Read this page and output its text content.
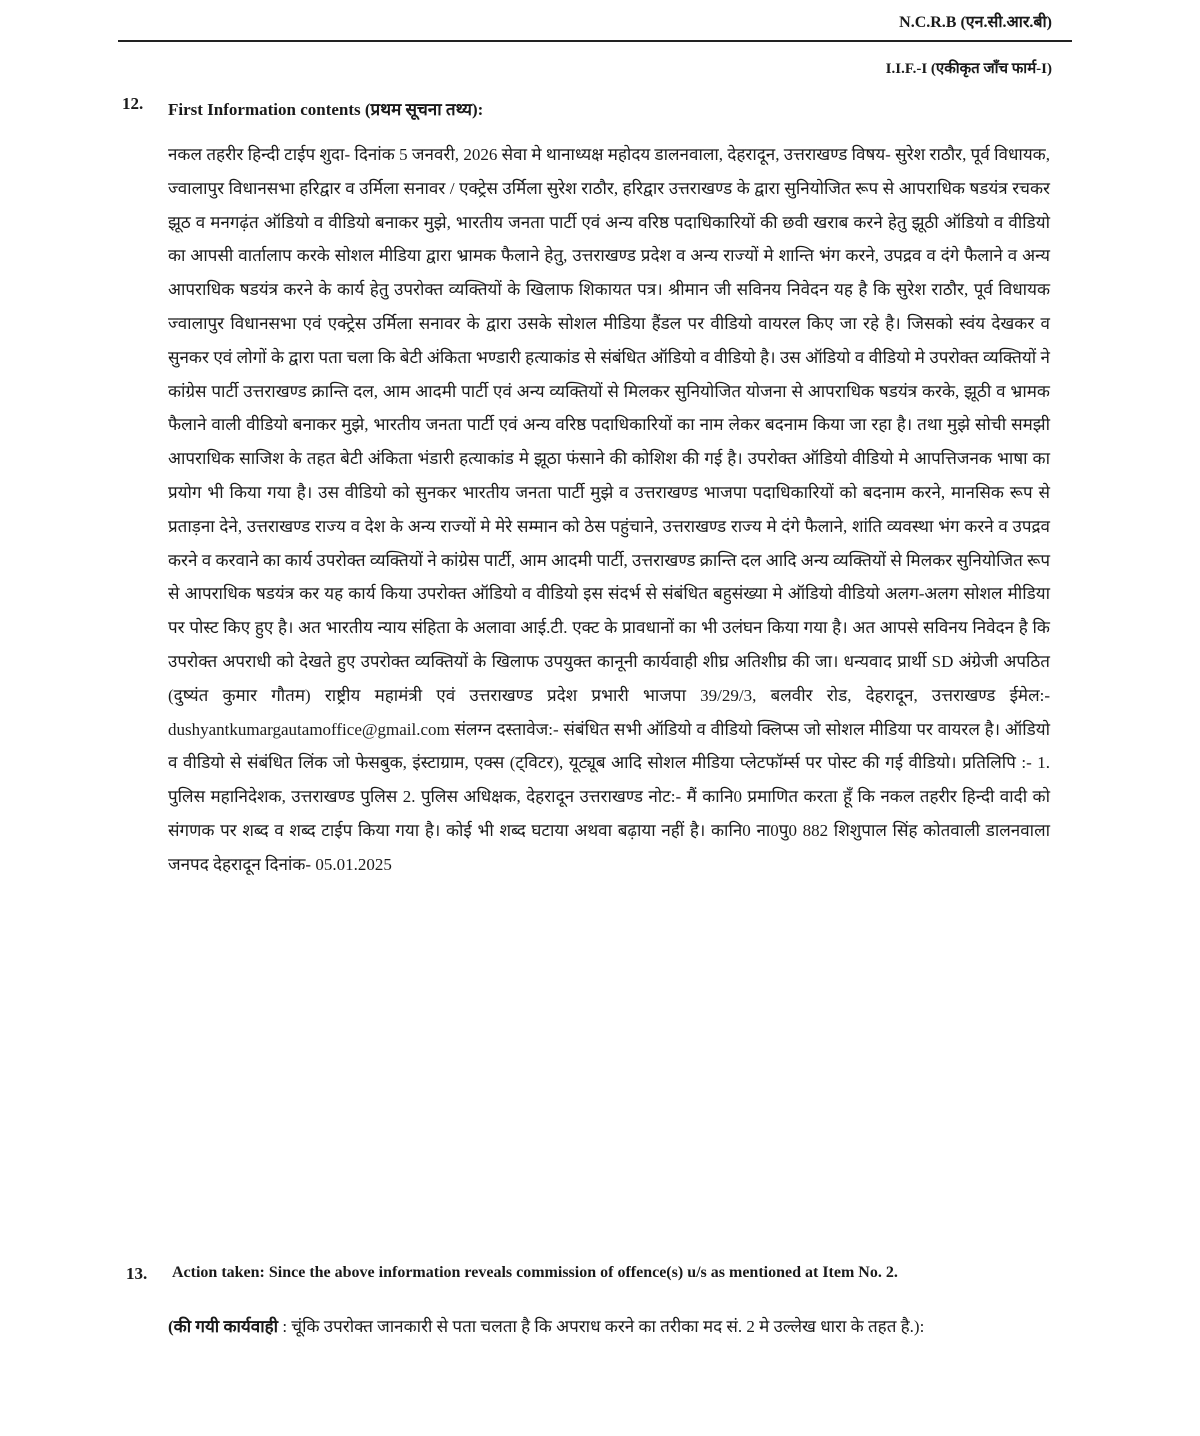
N.C.R.B (एन.सी.आर.बी)
I.I.F.-I (एकीकृत जाँच फार्म-I)
12. First Information contents (प्रथम सूचना तथ्य):
नकल तहरीर हिन्दी टाईप शुदा- दिनांक 5 जनवरी, 2026 सेवा मे थानाध्यक्ष महोदय डालनवाला, देहरादून, उत्तराखण्ड विषय- सुरेश राठौर, पूर्व विधायक, ज्वालापुर विधानसभा हरिद्वार व उर्मिला सनावर / एक्ट्रेस उर्मिला सुरेश राठौर, हरिद्वार उत्तराखण्ड के द्वारा सुनियोजित रूप से आपराधिक षडयंत्र रचकर झूठ व मनगढ़ंत ऑडियो व वीडियो बनाकर मुझे, भारतीय जनता पार्टी एवं अन्य वरिष्ठ पदाधिकारियों की छवी खराब करने हेतु झूठी ऑडियो व वीडियो का आपसी वार्तालाप करके सोशल मीडिया द्वारा भ्रामक फैलाने हेतु, उत्तराखण्ड प्रदेश व अन्य राज्यों मे शान्ति भंग करने, उपद्रव व दंगे फैलाने व अन्य आपराधिक षडयंत्र करने के कार्य हेतु उपरोक्त व्यक्तियों के खिलाफ शिकायत पत्र। श्रीमान जी सविनय निवेदन यह है कि सुरेश राठौर, पूर्व विधायक ज्वालापुर विधानसभा एवं एक्ट्रेस उर्मिला सनावर के द्वारा उसके सोशल मीडिया हैंडल पर वीडियो वायरल किए जा रहे है। जिसको स्वंय देखकर व सुनकर एवं लोगों के द्वारा पता चला कि बेटी अंकिता भण्डारी हत्याकांड से संबंधित ऑडियो व वीडियो है। उस ऑडियो व वीडियो मे उपरोक्त व्यक्तियों ने कांग्रेस पार्टी उत्तराखण्ड क्रान्ति दल, आम आदमी पार्टी एवं अन्य व्यक्तियों से मिलकर सुनियोजित योजना से आपराधिक षडयंत्र करके, झूठी व भ्रामक फैलाने वाली वीडियो बनाकर मुझे, भारतीय जनता पार्टी एवं अन्य वरिष्ठ पदाधिकारियों का नाम लेकर बदनाम किया जा रहा है। तथा मुझे सोची समझी आपराधिक साजिश के तहत बेटी अंकिता भंडारी हत्याकांड मे झूठा फंसाने की कोशिश की गई है। उपरोक्त ऑडियो वीडियो मे आपत्तिजनक भाषा का प्रयोग भी किया गया है। उस वीडियो को सुनकर भारतीय जनता पार्टी मुझे व उत्तराखण्ड भाजपा पदाधिकारियों को बदनाम करने, मानसिक रूप से प्रताड़ना देने, उत्तराखण्ड राज्य व देश के अन्य राज्यों मे मेरे सम्मान को ठेस पहुंचाने, उत्तराखण्ड राज्य मे दंगे फैलाने, शांति व्यवस्था भंग करने व उपद्रव करने व करवाने का कार्य उपरोक्त व्यक्तियों ने कांग्रेस पार्टी, आम आदमी पार्टी, उत्तराखण्ड क्रान्ति दल आदि अन्य व्यक्तियों से मिलकर सुनियोजित रूप से आपराधिक षडयंत्र कर यह कार्य किया उपरोक्त ऑडियो व वीडियो इस संदर्भ से संबंधित बहुसंख्या मे ऑडियो वीडियो अलग-अलग सोशल मीडिया पर पोस्ट किए हुए है। अत भारतीय न्याय संहिता के अलावा आई.टी. एक्ट के प्रावधानों का भी उलंघन किया गया है। अत आपसे सविनय निवेदन है कि उपरोक्त अपराधी को देखते हुए उपरोक्त व्यक्तियों के खिलाफ उपयुक्त कानूनी कार्यवाही शीघ्र अतिशीघ्र की जा। धन्यवाद प्रार्थी SD अंग्रेजी अपठित (दुष्यंत कुमार गौतम) राष्ट्रीय महामंत्री एवं उत्तराखण्ड प्रदेश प्रभारी भाजपा 39/29/3, बलवीर रोड, देहरादून, उत्तराखण्ड ईमेल:-dushyantkumargautamoffice@gmail.com संलग्न दस्तावेज:- संबंधित सभी ऑडियो व वीडियो क्लिप्स जो सोशल मीडिया पर वायरल है। ऑडियो व वीडियो से संबंधित लिंक जो फेसबुक, इंस्टाग्राम, एक्स (ट्विटर), यूट्यूब आदि सोशल मीडिया प्लेटफॉर्म्स पर पोस्ट की गई वीडियो। प्रतिलिपि :- 1. पुलिस महानिदेशक, उत्तराखण्ड पुलिस 2. पुलिस अधिक्षक, देहरादून उत्तराखण्ड नोट:- मैं कानि0 प्रमाणित करता हूँ कि नकल तहरीर हिन्दी वादी को संगणक पर शब्द व शब्द टाईप किया गया है। कोई भी शब्द घटाया अथवा बढ़ाया नहीं है। कानि0 ना0पु0 882 शिशुपाल सिंह कोतवाली डालनवाला जनपद देहरादून दिनांक- 05.01.2025
13. Action taken: Since the above information reveals commission of offence(s) u/s as mentioned at Item No. 2.
(की गयी कार्यवाही : चूंकि उपरोक्त जानकारी से पता चलता है कि अपराध करने का तरीका मद सं. 2 मे उल्लेख धारा के तहत है.):
